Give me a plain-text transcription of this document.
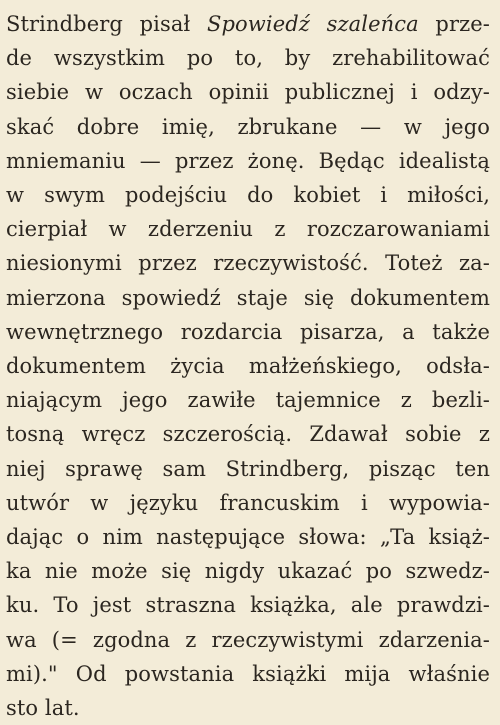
Strindberg pisał Spowiedź szaleńca prze-
de wszystkim po to, by zrehabilitować
siebie w oczach opinii publicznej i odzy-
skać dobre imię, zbrukane — w jego
mniemaniu — przez żonę. Będąc idealistą
w swym podejściu do kobiet i miłości,
cierpiał w zderzeniu z rozczarowaniami
niesionymi przez rzeczywistość. Toteż za-
mierzona spowiedź staje się dokumentem
wewnętrznego rozdarcia pisarza, a także
dokumentem życia małżeńskiego, odsła-
niającym jego zawiłe tajemnice z bezli-
tosną wręcz szczerością. Zdawał sobie z
niej sprawę sam Strindberg, pisząc ten
utwór w języku francuskim i wypowia-
dając o nim następujące słowa: „Ta książ-
ka nie może się nigdy ukazać po szwedz-
ku. To jest straszna książka, ale prawdzi-
wa (= zgodna z rzeczywistymi zdarzenia-
mi)." Od powstania książki mija właśnie
sto lat.
